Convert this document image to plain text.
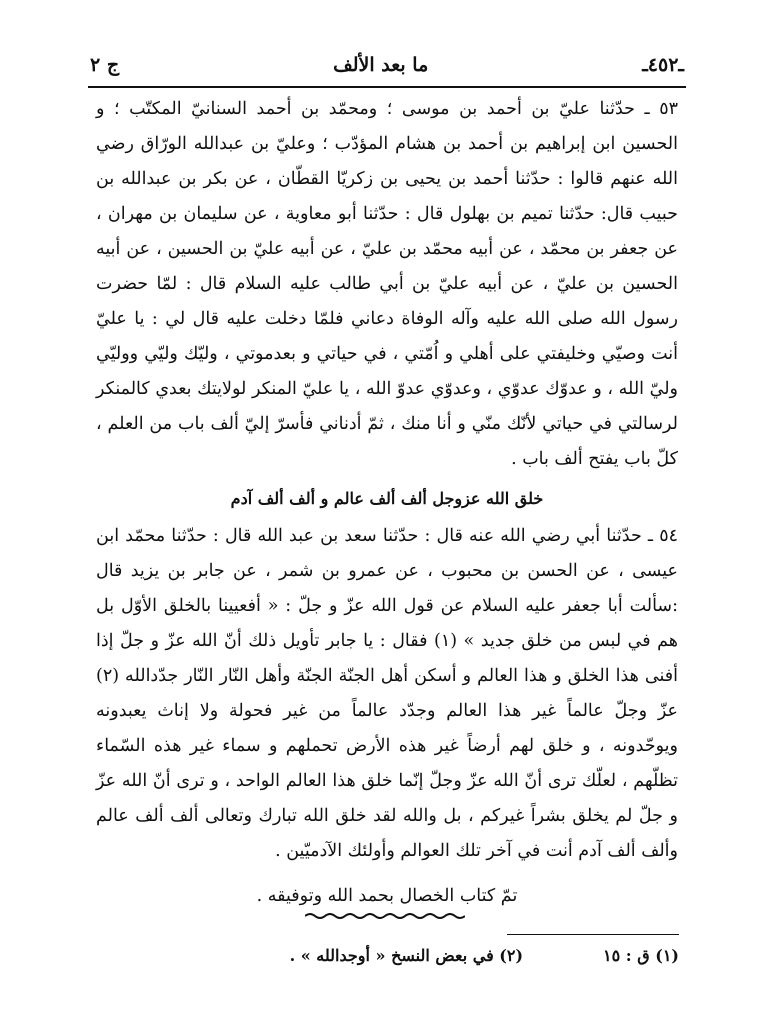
ـ٤٥٢ـ
ما بعد الألف
ج ٢

٥٣ ـ حدّثنا عليّ بن أحمد بن موسى ؛ ومحمّد بن أحمد السنانيّ المكتّب ؛ و الحسين ابن إبراهيم بن أحمد بن هشام المؤدّب ؛ وعليّ بن عبدالله الورّاق رضي الله عنهم قالوا : حدّثنا أحمد بن يحيى بن زكريّا القطّان ، عن بكر بن عبدالله بن حبيب قال: حدّثنا تميم بن بهلول قال : حدّثنا أبو معاوية ، عن سليمان بن مهران ، عن جعفر بن محمّد ، عن أبيه محمّد بن عليّ ، عن أبيه عليّ بن الحسين ، عن أبيه الحسين بن عليّ ، عن أبيه عليّ بن أبي طالب عليه السلام قال : لمّا حضرت رسول الله صلى الله عليه وآله الوفاة دعاني فلمّا دخلت عليه قال لي : يا عليّ أنت وصيّي وخليفتي على أهلي و اُمّتي ، في حياتي و بعدموتي ، وليّك وليّي ووليّي وليّ الله ، و عدوّك عدوّي ، وعدوّي عدوّ الله ، يا عليّ المنكر لولايتك بعدي كالمنكر لرسالتي في حياتي لأنّك منّي و أنا منك ، ثمّ أدناني فأسرّ إليّ ألف باب من العلم ، كلّ باب يفتح ألف باب .

خلق الله عزوجل ألف ألف عالم و ألف ألف آدم

٥٤ ـ حدّثنا أبي رضي الله عنه قال : حدّثنا سعد بن عبد الله قال : حدّثنا محمّد ابن عيسى ، عن الحسن بن محبوب ، عن عمرو بن شمر ، عن جابر بن يزيد قال :سألت أبا جعفر عليه السلام عن قول الله عزّ و جلّ : « أفعيينا بالخلق الأوّل بل هم في لبس من خلق جديد » (١) فقال : يا جابر تأويل ذلك أنّ الله عزّ و جلّ إذا أفنى هذا الخلق و هذا العالم و أسكن أهل الجنّة الجنّة وأهل النّار النّار جدّدالله (٢) عزّ وجلّ عالماً غير هذا العالم وجدّد عالماً من غير فحولة ولا إناث يعبدونه ويوحّدونه ، و خلق لهم أرضاً غير هذه الأرض تحملهم و سماء غير هذه السّماء تظلّهم ، لعلّك ترى أنّ الله عزّ وجلّ إنّما خلق هذا العالم الواحد ، و ترى أنّ الله عزّ و جلّ لم يخلق بشراً غيركم ، بل والله لقد خلق الله تبارك وتعالى ألف ألف عالم وألف ألف آدم أنت في آخر تلك العوالم وأولئك الآدميّين .

تمّ كتاب الخصال بحمد الله وتوفيقه .
(١) ق : ١٥
(٢) في بعض النسخ « أوجدالله » .
